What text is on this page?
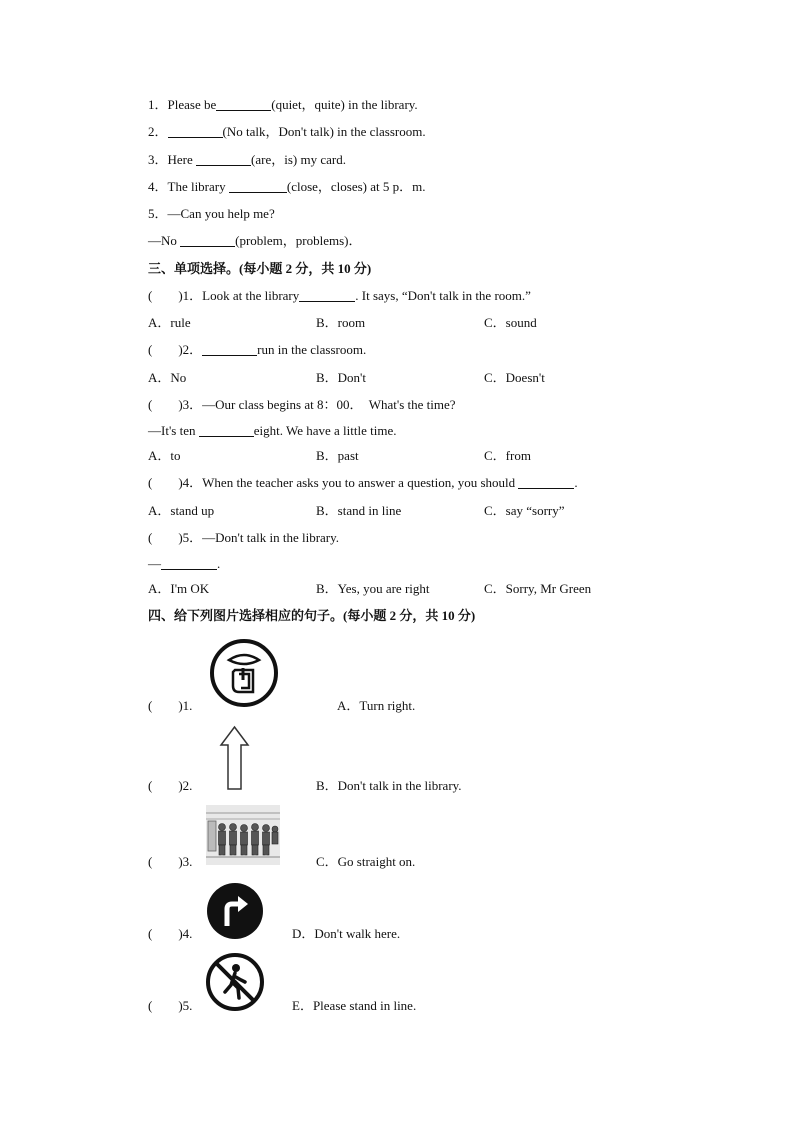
1．Please be	(quiet，quite) in the library.
2．	(No talk，Don't talk) in the classroom.
3．Here	(are，is) my card.
4．The library	(close，closes) at 5 p．m.
5．—Can you help me?
—No	(problem，problems)．
三、单项选择。(每小题 2 分，共 10 分)
(　　)1．Look at the library	. It says, “Don't talk in the room.”
A．rule	B．room	C．sound
(　　)2．	run in the classroom.
A．No	B．Don't	C．Doesn't
(　　)3．—Our class begins at 8：00．  What's the time?
—It's ten	eight. We have a little time.
A．to	B．past	C．from
(　　)4．When the teacher asks you to answer a question, you should	.
A．stand up	B．stand in line	C．say “sorry”
(　　)5．—Don't talk in the library.
—	.
A．I'm OK	B．Yes, you are right	C．Sorry, Mr Green
四、给下列图片选择相应的句子。(每小题 2 分，共 10 分)
(　　)1.	A．Turn right.
(　　)2.	B．Don't talk in the library.
(　　)3.	C．Go straight on.
(　　)4.	D．Don't walk here.
(　　)5.	E．Please stand in line.
